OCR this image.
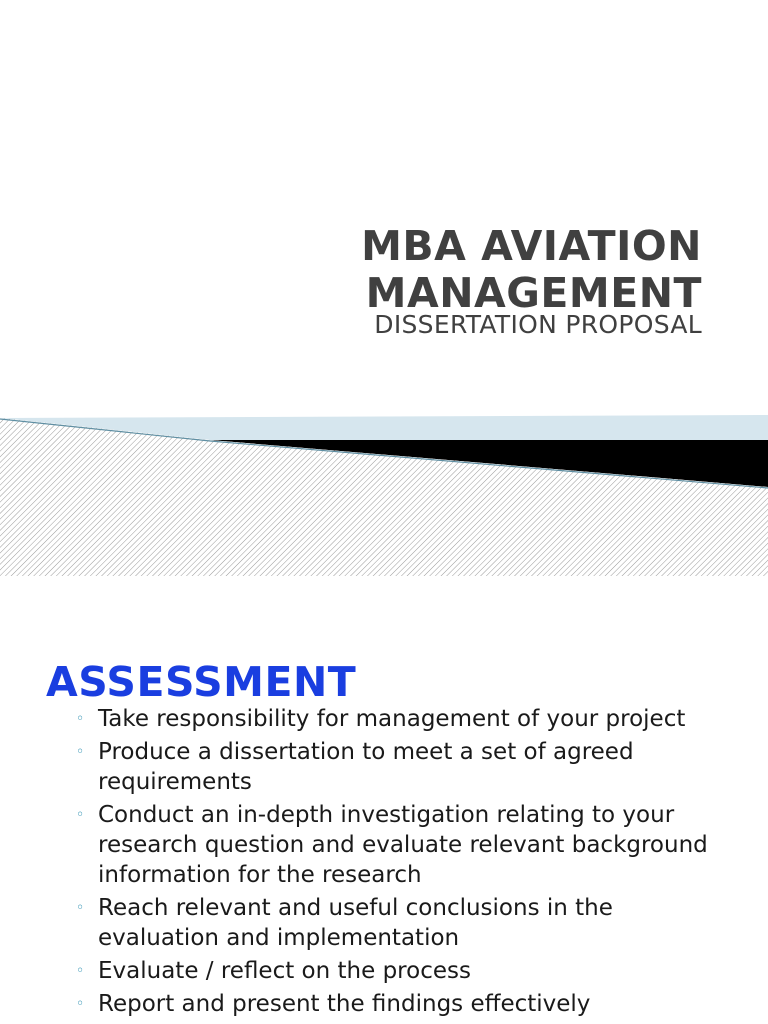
MBA AVIATION
MANAGEMENT
DISSERTATION PROPOSAL
ASSESSMENT
◦ Take responsibility for management of your project
◦ Produce a dissertation to meet a set of agreed requirements
◦ Conduct an in-depth investigation relating to your research question and evaluate relevant background information for the research
◦ Reach relevant and useful conclusions in the evaluation and implementation
◦ Evaluate / reflect on the process
◦ Report and present the findings effectively
